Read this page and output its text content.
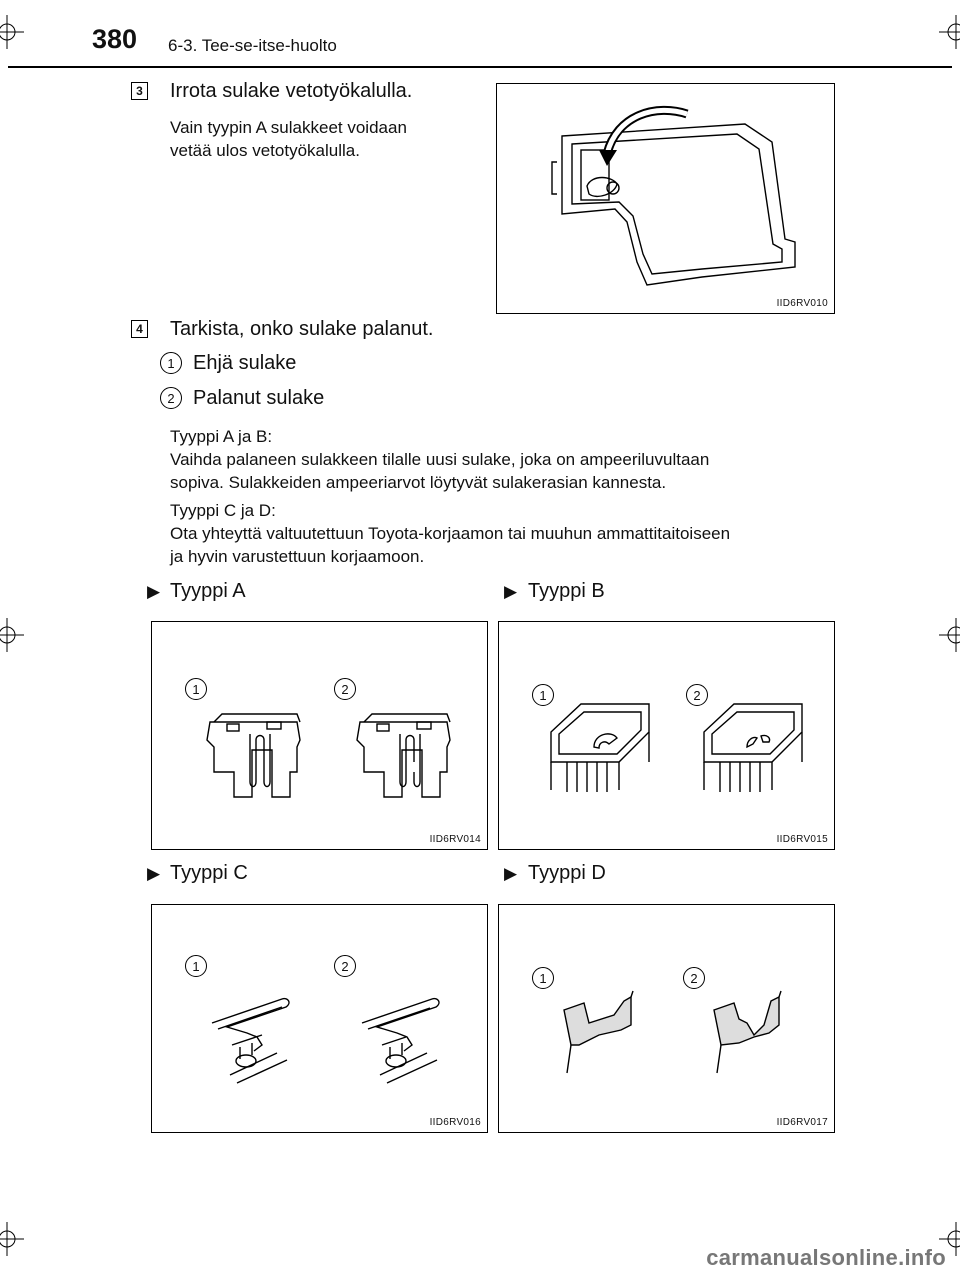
380 6-3. Tee-se-itse-huolto
3 Irrota sulake vetotyökalulla.
Vain tyypin A sulakkeet voidaan
vetää ulos vetotyökalulla.
IID6RV010
4 Tarkista, onko sulake palanut.
1 Ehjä sulake
2 Palanut sulake
Tyyppi A ja B:
Vaihda palaneen sulakkeen tilalle uusi sulake, joka on ampeeriluvultaan
sopiva. Sulakkeiden ampeeriarvot löytyvät sulakerasian kannesta.
Tyyppi C ja D:
Ota yhteyttä valtuutettuun Toyota-korjaamon tai muuhun ammattitaitoiseen
ja hyvin varustettuun korjaamoon.
▶ Tyyppi A	▶ Tyyppi B
▶ Tyyppi C	▶ Tyyppi D
1	2
IID6RV014
1	2
IID6RV015
1	2
IID6RV016
1	2
IID6RV017
carmanualsonline.info
